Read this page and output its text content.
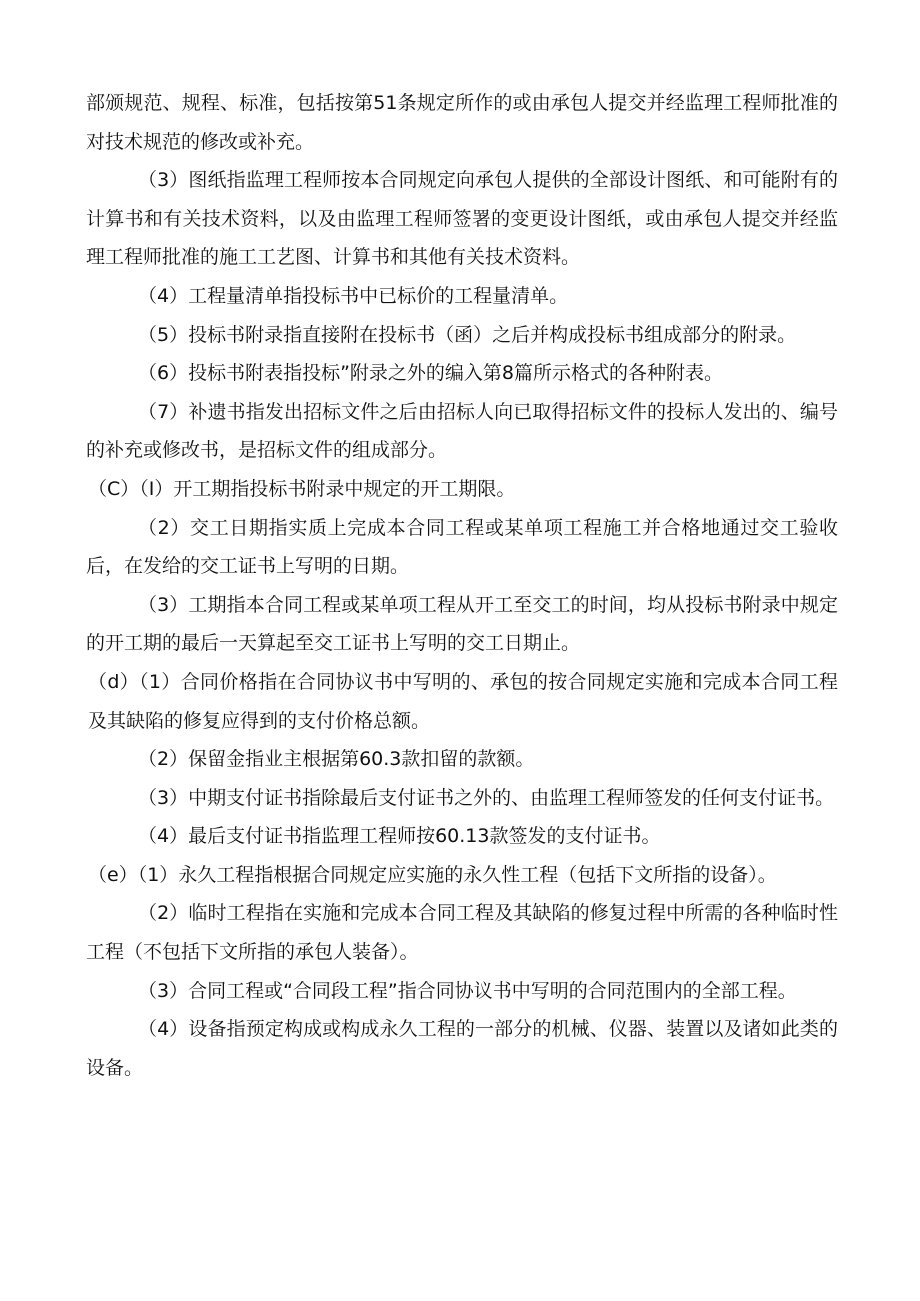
部颁规范、规程、标准，包括按第51条规定所作的或由承包人提交并经监理工程师批准的对技术规范的修改或补充。

（3）图纸指监理工程师按本合同规定向承包人提供的全部设计图纸、和可能附有的计算书和有关技术资料，以及由监理工程师签署的变更设计图纸，或由承包人提交并经监理工程师批准的施工工艺图、计算书和其他有关技术资料。

（4）工程量清单指投标书中已标价的工程量清单。

（5）投标书附录指直接附在投标书（函）之后并构成投标书组成部分的附录。

（6）投标书附表指投标”附录之外的编入第8篇所示格式的各种附表。

（7）补遗书指发出招标文件之后由招标人向已取得招标文件的投标人发出的、编号的补充或修改书，是招标文件的组成部分。

（C）（I）开工期指投标书附录中规定的开工期限。

（2）交工日期指实质上完成本合同工程或某单项工程施工并合格地通过交工验收后，在发给的交工证书上写明的日期。

（3）工期指本合同工程或某单项工程从开工至交工的时间，均从投标书附录中规定的开工期的最后一天算起至交工证书上写明的交工日期止。

（d）（1）合同价格指在合同协议书中写明的、承包的按合同规定实施和完成本合同工程及其缺陷的修复应得到的支付价格总额。

（2）保留金指业主根据第60.3款扣留的款额。

（3）中期支付证书指除最后支付证书之外的、由监理工程师签发的任何支付证书。

（4）最后支付证书指监理工程师按60.13款签发的支付证书。

（e）（1）永久工程指根据合同规定应实施的永久性工程（包括下文所指的设备）。

（2）临时工程指在实施和完成本合同工程及其缺陷的修复过程中所需的各种临时性工程（不包括下文所指的承包人装备）。

（3）合同工程或“合同段工程”指合同协议书中写明的合同范围内的全部工程。

（4）设备指预定构成或构成永久工程的一部分的机械、仪器、装置以及诸如此类的设备。
